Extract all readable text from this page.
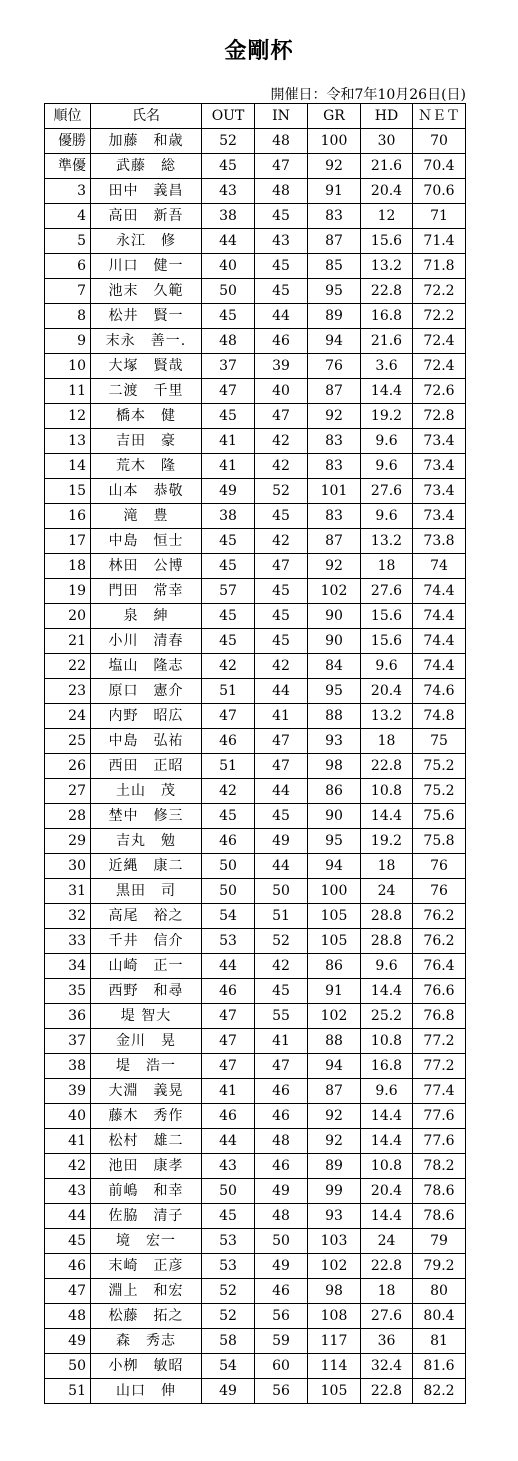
金剛杯
開催日：令和7年10月26日(日)
順位	氏名	OUT	IN	GR	HD	ＮＥＴ
優勝	加藤　和歳	52	48	100	30	70
準優	武藤　総	45	47	92	21.6	70.4
3	田中　義昌	43	48	91	20.4	70.6
4	高田　新吾	38	45	83	12	71
5	永江　修	44	43	87	15.6	71.4
6	川口　健一	40	45	85	13.2	71.8
7	池末　久範	50	45	95	22.8	72.2
8	松井　賢一	45	44	89	16.8	72.2
9	末永　善一.	48	46	94	21.6	72.4
10	大塚　賢哉	37	39	76	3.6	72.4
11	二渡　千里	47	40	87	14.4	72.6
12	橋本　健	45	47	92	19.2	72.8
13	吉田　豪	41	42	83	9.6	73.4
14	荒木　隆	41	42	83	9.6	73.4
15	山本　恭敬	49	52	101	27.6	73.4
16	滝　豊	38	45	83	9.6	73.4
17	中島　恒士	45	42	87	13.2	73.8
18	林田　公博	45	47	92	18	74
19	門田　常幸	57	45	102	27.6	74.4
20	泉　紳	45	45	90	15.6	74.4
21	小川　清春	45	45	90	15.6	74.4
22	塩山　隆志	42	42	84	9.6	74.4
23	原口　憲介	51	44	95	20.4	74.6
24	内野　昭広	47	41	88	13.2	74.8
25	中島　弘祐	46	47	93	18	75
26	西田　正昭	51	47	98	22.8	75.2
27	土山　茂	42	44	86	10.8	75.2
28	埜中　修三	45	45	90	14.4	75.6
29	吉丸　勉	46	49	95	19.2	75.8
30	近縄　康二	50	44	94	18	76
31	黒田　司	50	50	100	24	76
32	高尾　裕之	54	51	105	28.8	76.2
33	千井　信介	53	52	105	28.8	76.2
34	山崎　正一	44	42	86	9.6	76.4
35	西野　和尋	46	45	91	14.4	76.6
36	堤 智大	47	55	102	25.2	76.8
37	金川　晃	47	41	88	10.8	77.2
38	堤　浩一	47	47	94	16.8	77.2
39	大淵　義晃	41	46	87	9.6	77.4
40	藤木　秀作	46	46	92	14.4	77.6
41	松村　雄二	44	48	92	14.4	77.6
42	池田　康孝	43	46	89	10.8	78.2
43	前嶋　和幸	50	49	99	20.4	78.6
44	佐脇　清子	45	48	93	14.4	78.6
45	境　宏一	53	50	103	24	79
46	末崎　正彦	53	49	102	22.8	79.2
47	淵上　和宏	52	46	98	18	80
48	松藤　拓之	52	56	108	27.6	80.4
49	森　秀志	58	59	117	36	81
50	小栁　敏昭	54	60	114	32.4	81.6
51	山口　伸	49	56	105	22.8	82.2
